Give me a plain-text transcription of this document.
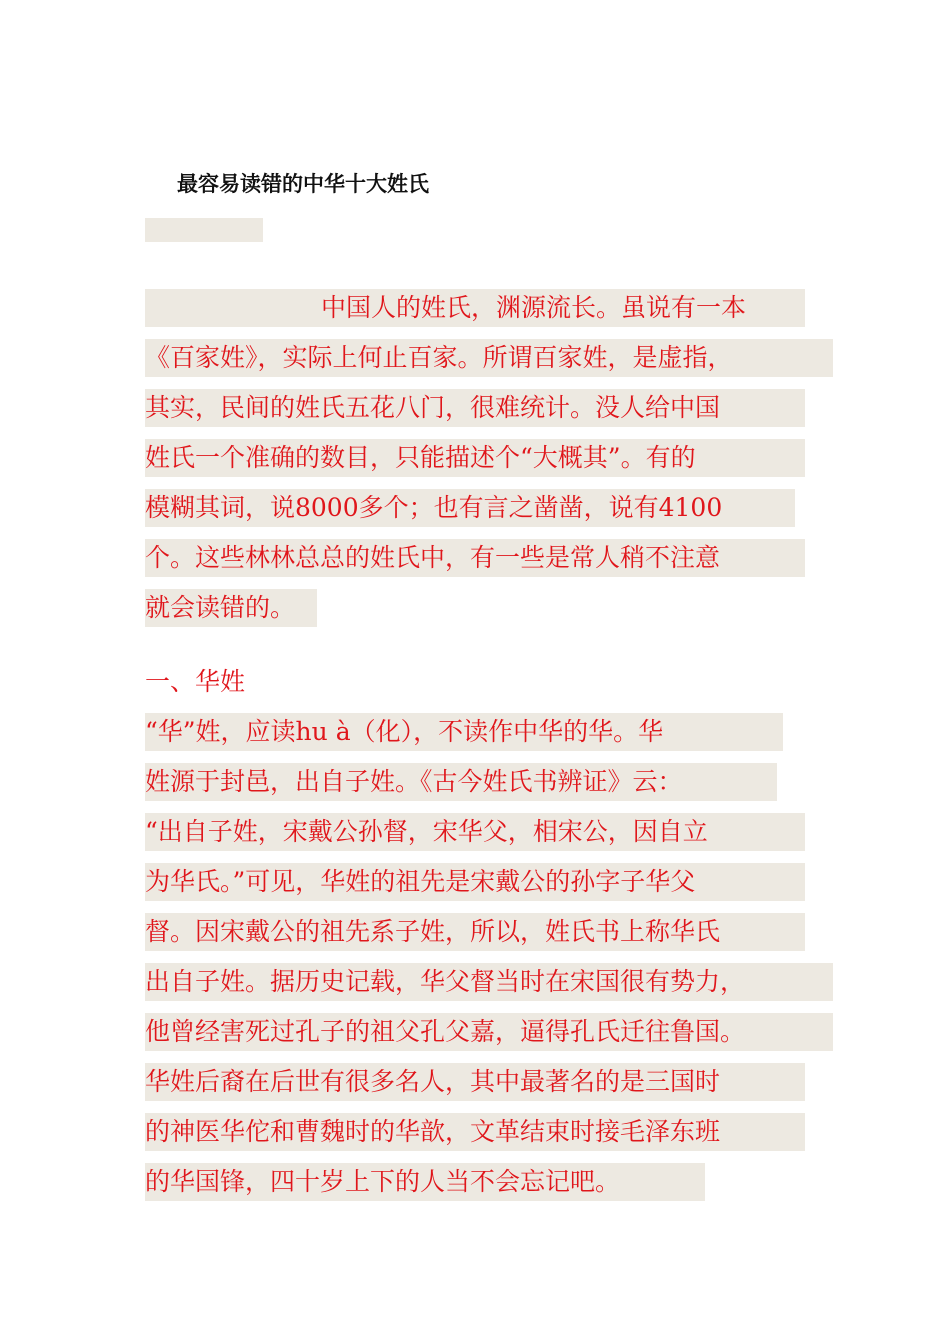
最容易读错的中华十大姓氏
中国人的姓氏，渊源流长。虽说有一本
《百家姓》，实际上何止百家。所谓百家姓，是虚指，
其实，民间的姓氏五花八门，很难统计。没人给中国
姓氏一个准确的数目，只能描述个“大概其”。有的
模糊其词，说8000多个；也有言之凿凿，说有4100
个。这些林林总总的姓氏中，有一些是常人稍不注意
就会读错的。
一、华姓
“华”姓，应读hu à（化），不读作中华的华。华
姓源于封邑，出自子姓。《古今姓氏书辨证》云：
“出自子姓，宋戴公孙督，宋华父，相宋公，因自立
为华氏。”可见，华姓的祖先是宋戴公的孙字子华父
督。因宋戴公的祖先系子姓，所以，姓氏书上称华氏
出自子姓。据历史记载，华父督当时在宋国很有势力，
他曾经害死过孔子的祖父孔父嘉，逼得孔氏迁往鲁国。
华姓后裔在后世有很多名人，其中最著名的是三国时
的神医华佗和曹魏时的华歆，文革结束时接毛泽东班
的华国锋，四十岁上下的人当不会忘记吧。
